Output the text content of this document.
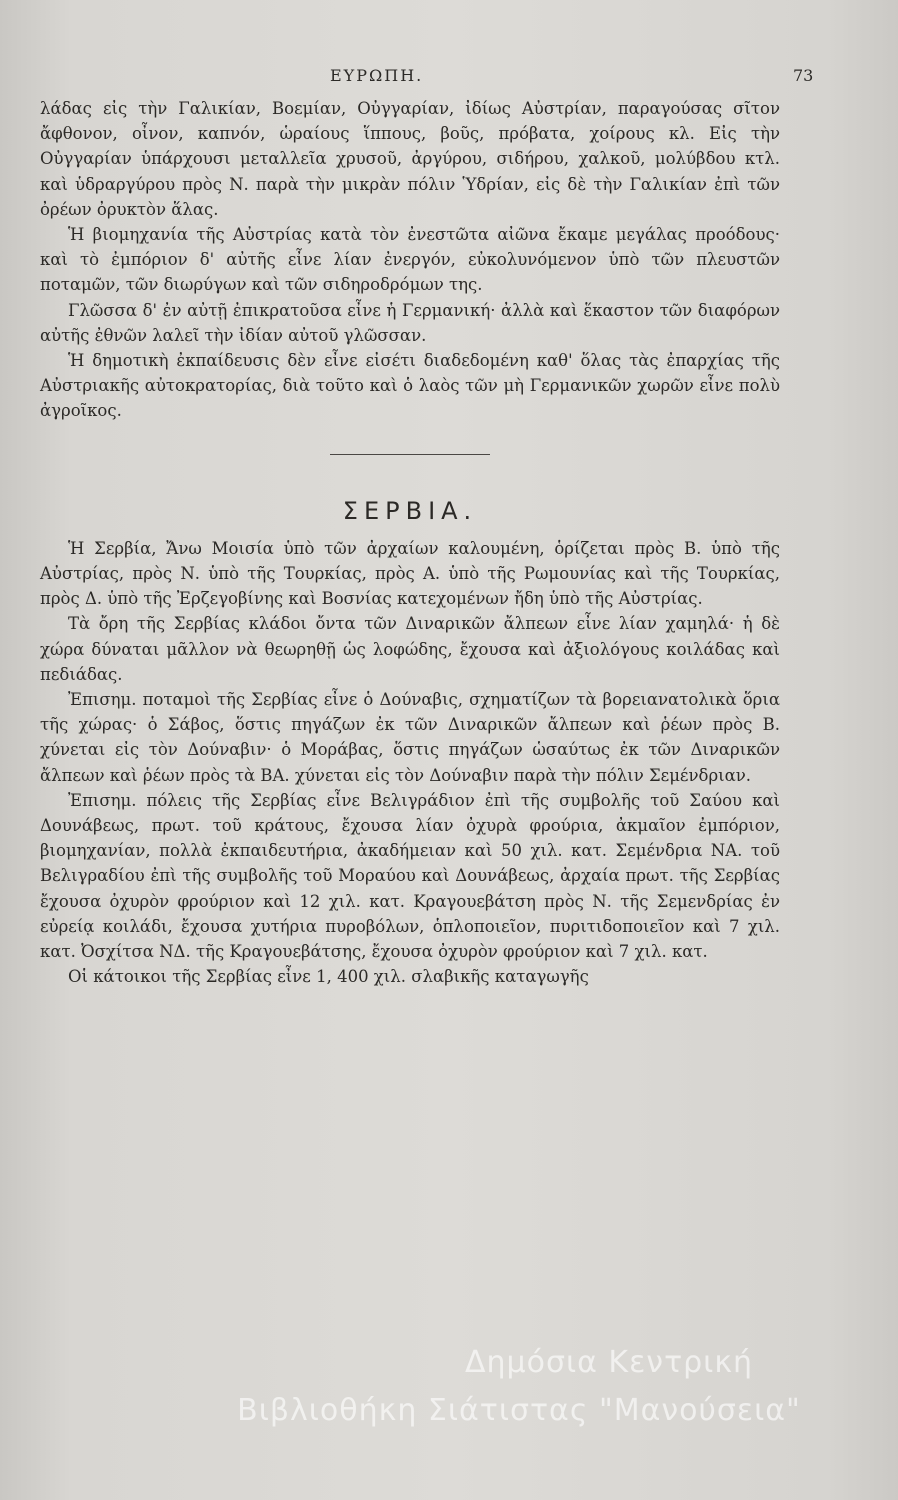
ΕΥΡΩΠΗ.	73

λάδας εἰς τὴν Γαλικίαν, Βοεμίαν, Οὐγγαρίαν, ἰδίως Αὐστρίαν, παραγούσας σῖτον ἄφθονον, οἶνον, καπνόν, ὡραίους ἵππους, βοῦς, πρόβατα, χοίρους κλ. Εἰς τὴν Οὐγγαρίαν ὑπάρχουσι μεταλλεῖα χρυσοῦ, ἀργύρου, σιδήρου, χαλκοῦ, μολύβδου κτλ. καὶ ὑδραργύρου πρὸς Ν. παρὰ τὴν μικρὰν πόλιν Ὑδρίαν, εἰς δὲ τὴν Γαλικίαν ἐπὶ τῶν ὀρέων ὀρυκτὸν ἅλας.

Ἡ βιομηχανία τῆς Αὐστρίας κατὰ τὸν ἐνεστῶτα αἰῶνα ἔκαμε μεγάλας προόδους· καὶ τὸ ἐμπόριον δ' αὐτῆς εἶνε λίαν ἐνεργόν, εὐκολυνόμενον ὑπὸ τῶν πλευστῶν ποταμῶν, τῶν διωρύγων καὶ τῶν σιδηροδρόμων της.

Γλῶσσα δ' ἐν αὐτῇ ἐπικρατοῦσα εἶνε ἡ Γερμανική· ἀλλὰ καὶ ἕκαστον τῶν διαφόρων αὐτῆς ἐθνῶν λαλεῖ τὴν ἰδίαν αὐτοῦ γλῶσσαν.

Ἡ δημοτικὴ ἐκπαίδευσις δὲν εἶνε εἰσέτι διαδεδομένη καθ' ὅλας τὰς ἐπαρχίας τῆς Αὐστριακῆς αὐτοκρατορίας, διὰ τοῦτο καὶ ὁ λαὸς τῶν μὴ Γερμανικῶν χωρῶν εἶνε πολὺ ἀγροῖκος.

ΣΕΡΒΙΑ.

Ἡ Σερβία, Ἄνω Μοισία ὑπὸ τῶν ἀρχαίων καλουμένη, ὁρίζεται πρὸς Β. ὑπὸ τῆς Αὐστρίας, πρὸς Ν. ὑπὸ τῆς Τουρκίας, πρὸς Α. ὑπὸ τῆς Ρωμουνίας καὶ τῆς Τουρκίας, πρὸς Δ. ὑπὸ τῆς Ἐρζεγοβίνης καὶ Βοσνίας κατεχομένων ἤδη ὑπὸ τῆς Αὐστρίας.

Τὰ ὄρη τῆς Σερβίας κλάδοι ὄντα τῶν Διναρικῶν ἄλπεων εἶνε λίαν χαμηλά· ἡ δὲ χώρα δύναται μᾶλλον νὰ θεωρηθῇ ὡς λοφώδης, ἔχουσα καὶ ἀξιολόγους κοιλάδας καὶ πεδιάδας.

Ἐπισημ. ποταμοὶ τῆς Σερβίας εἶνε ὁ Δούναβις, σχηματίζων τὰ βορειανατολικὰ ὅρια τῆς χώρας· ὁ Σάβος, ὅστις πηγάζων ἐκ τῶν Διναρικῶν ἄλπεων καὶ ῥέων πρὸς Β. χύνεται εἰς τὸν Δούναβιν· ὁ Μοράβας, ὅστις πηγάζων ὡσαύτως ἐκ τῶν Διναρικῶν ἄλπεων καὶ ῥέων πρὸς τὰ ΒΑ. χύνεται εἰς τὸν Δούναβιν παρὰ τὴν πόλιν Σεμένδριαν.

Ἐπισημ. πόλεις τῆς Σερβίας εἶνε Βελιγράδιον ἐπὶ τῆς συμβολῆς τοῦ Σαύου καὶ Δουνάβεως, πρωτ. τοῦ κράτους, ἔχουσα λίαν ὀχυρὰ φρούρια, ἀκμαῖον ἐμπόριον, βιομηχανίαν, πολλὰ ἐκπαιδευτήρια, ἀκαδήμειαν καὶ 50 χιλ. κατ. Σεμένδρια ΝΑ. τοῦ Βελιγραδίου ἐπὶ τῆς συμβολῆς τοῦ Μοραύου καὶ Δουνάβεως, ἀρχαία πρωτ. τῆς Σερβίας ἔχουσα ὀχυρὸν φρούριον καὶ 12 χιλ. κατ. Κραγουεβάτση πρὸς Ν. τῆς Σεμενδρίας ἐν εὐρείᾳ κοιλάδι, ἔχουσα χυτήρια πυροβόλων, ὁπλοποιεῖον, πυριτιδοποιεῖον καὶ 7 χιλ. κατ. Ὀσχίτσα ΝΔ. τῆς Κραγουεβάτσης, ἔχουσα ὀχυρὸν φρούριον καὶ 7 χιλ. κατ.

Οἱ κάτοικοι τῆς Σερβίας εἶνε 1, 400 χιλ. σλαβικῆς καταγωγῆς

Δημόσια Κεντρική
Βιβλιοθήκη Σιάτιστας "Μανούσεια"
